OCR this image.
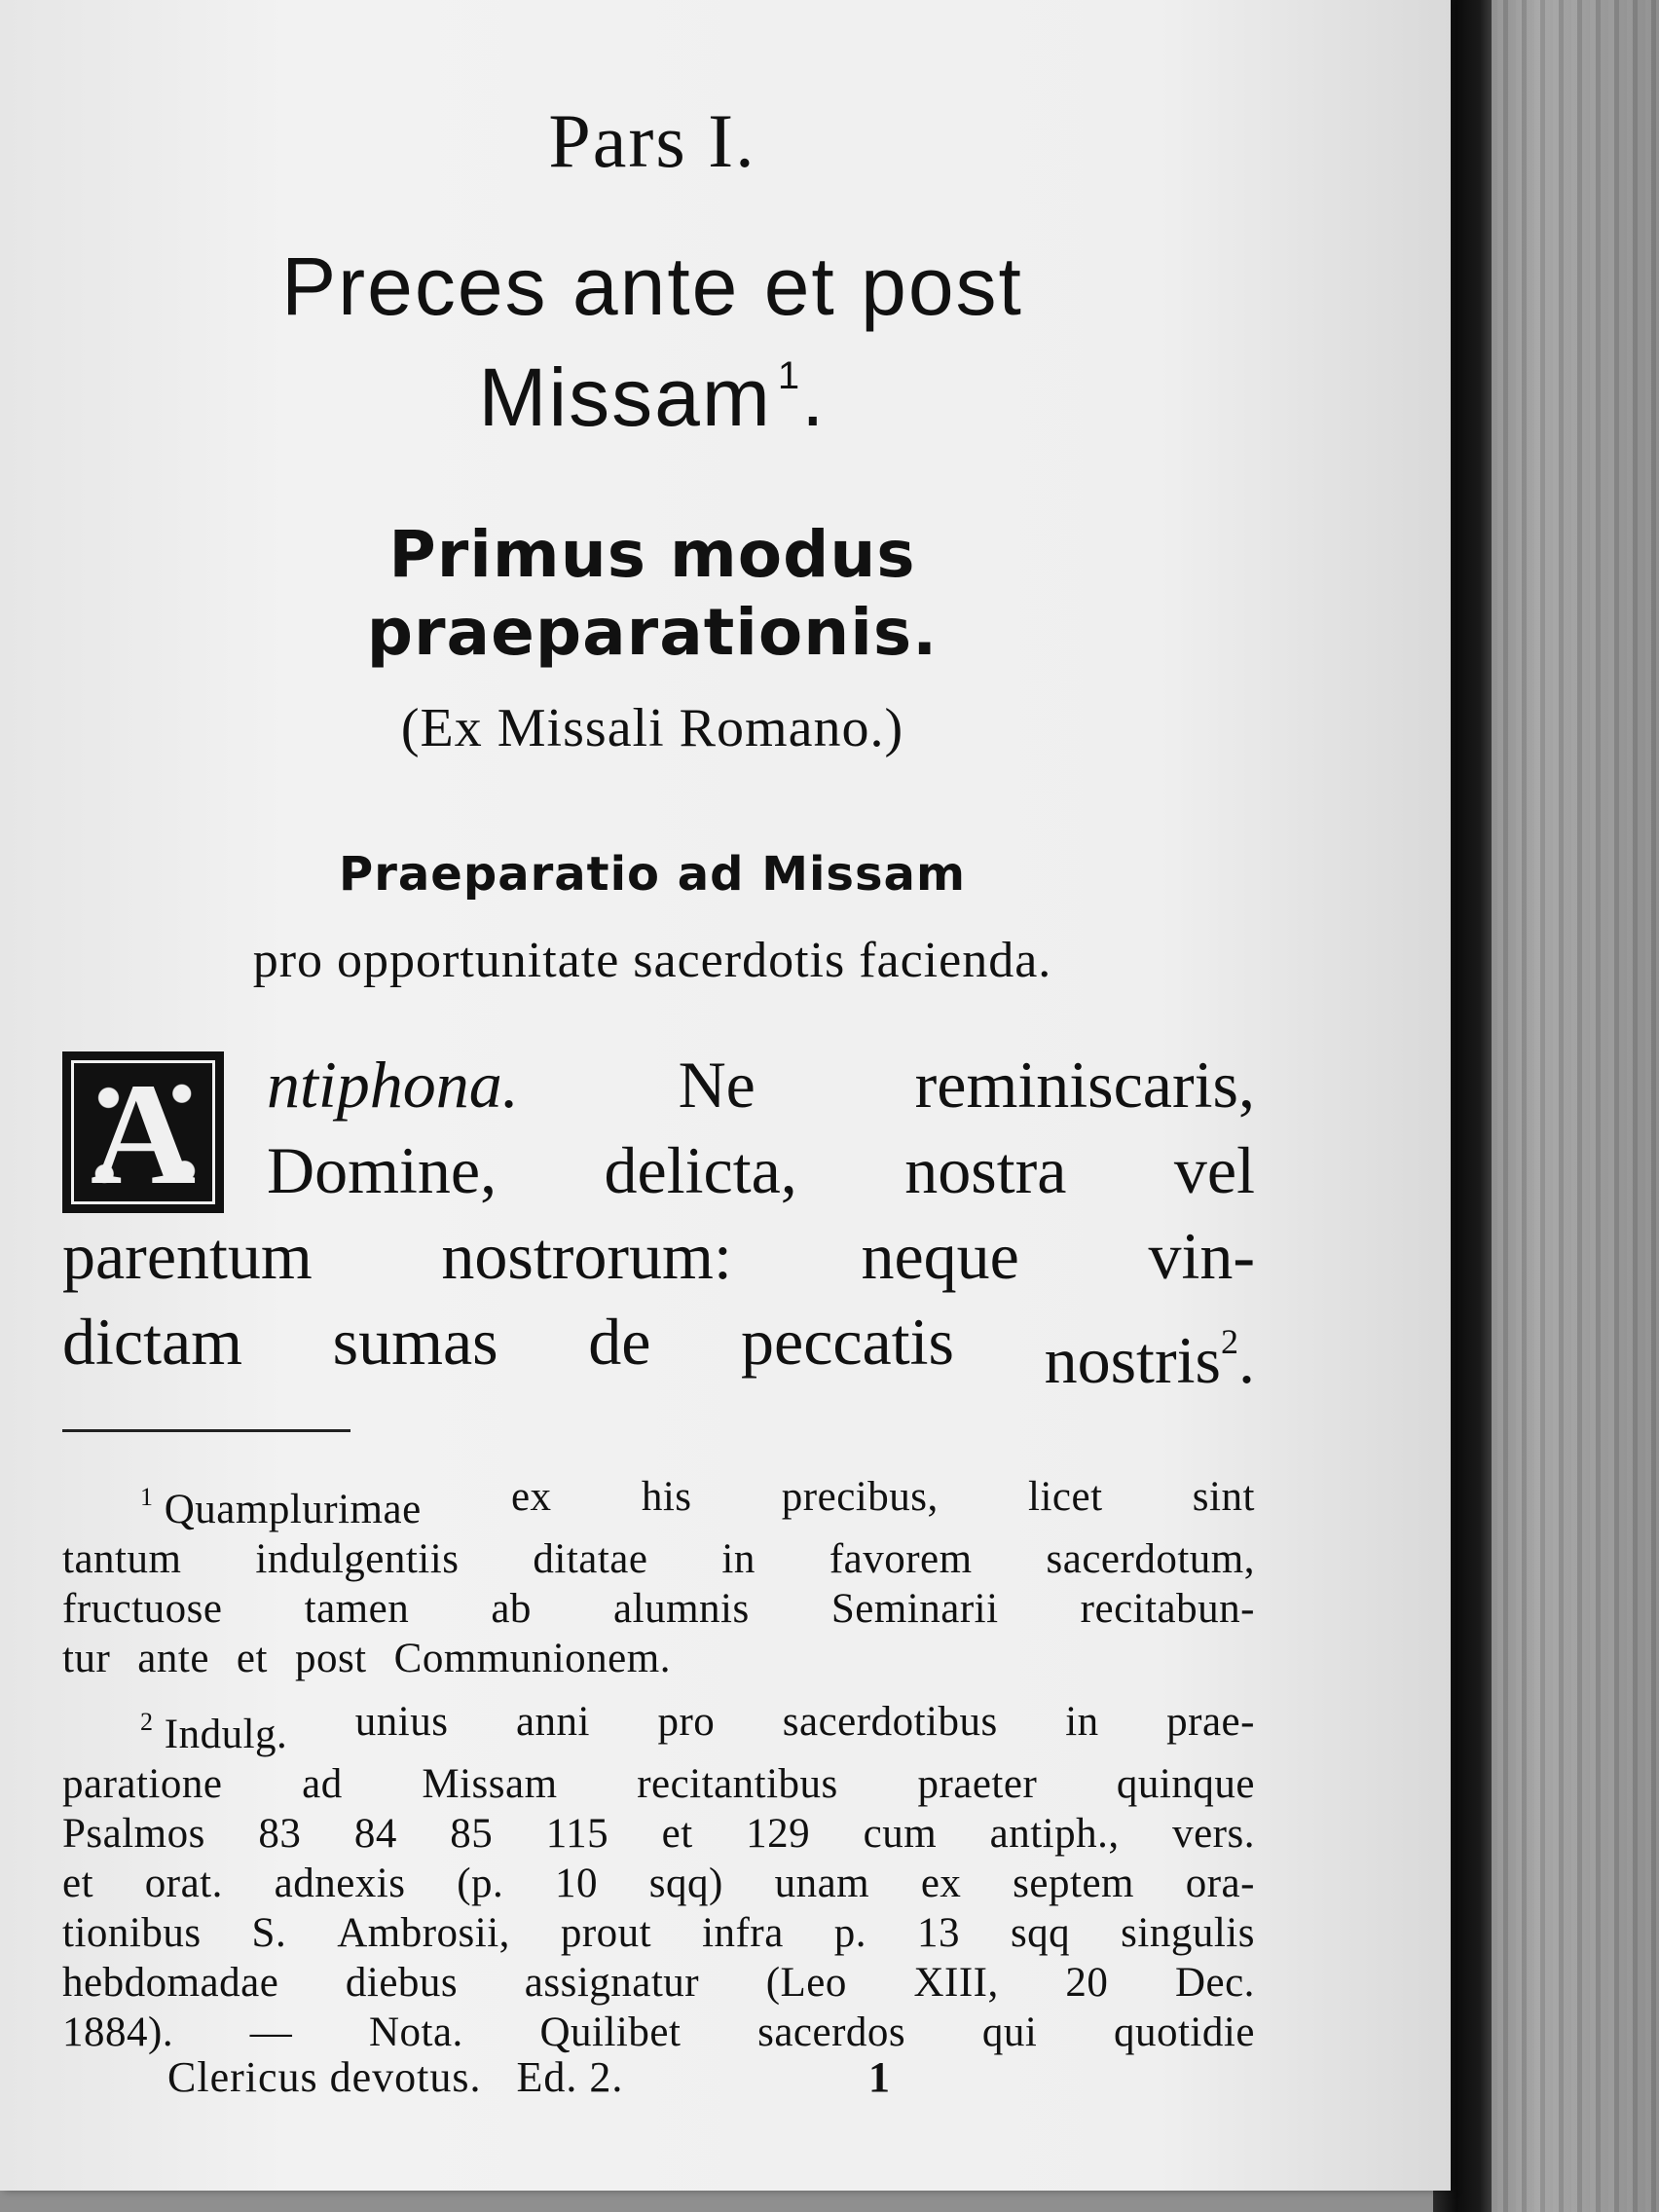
Pars I.
Preces ante et post
Missam $^1$.
Primus modus
praeparationis.
(Ex Missali Romano.)
Praeparatio ad Missam
pro opportunitate sacerdotis facienda.
A	ntiphona. Ne reminiscaris,
Domine, delicta, nostra vel
parentum nostrorum: neque vin-
dictam sumas de peccatis nostris$^2$.
$^1$ Quamplurimae ex his precibus, licet sint
tantum indulgentiis ditatae in favorem sacerdotum,
fructuose tamen ab alumnis Seminarii recitabun-
tur ante et post Communionem.
$^2$ Indulg. unius anni pro sacerdotibus in prae-
paratione ad Missam recitantibus praeter quinque
Psalmos 83 84 85 115 et 129 cum antiph., vers.
et orat. adnexis (p. 10 sqq) unam ex septem ora-
tionibus S. Ambrosii, prout infra p. 13 sqq singulis
hebdomadae diebus assignatur (Leo XIII, 20 Dec.
1884). — Nota. Quilibet sacerdos qui quotidie
Clericus devotus.   Ed. 2.	1
